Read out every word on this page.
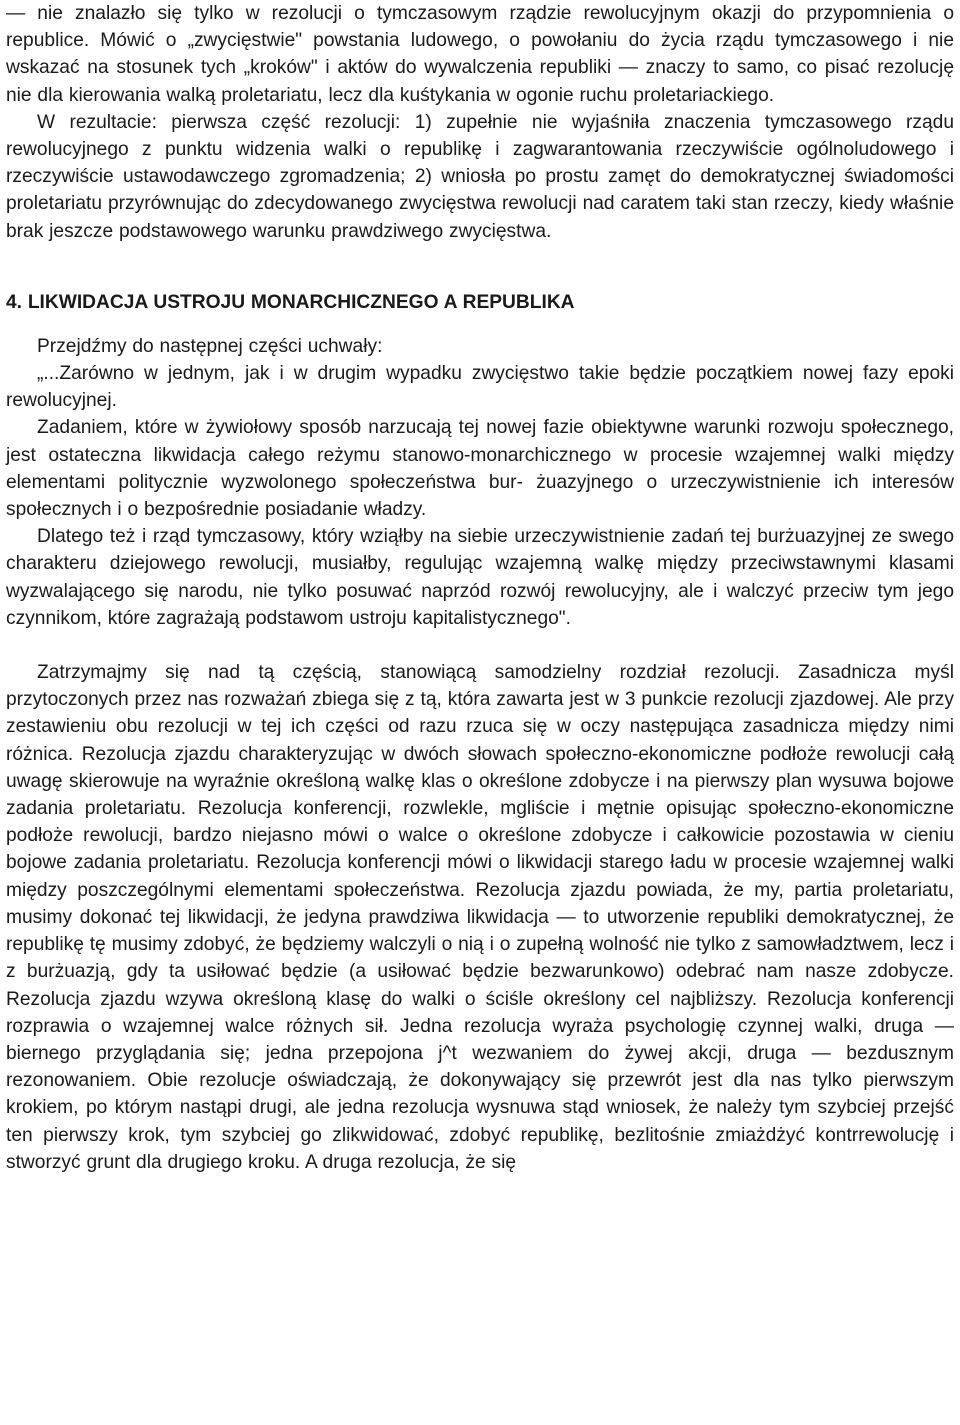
— nie znalazło się tylko w rezolucji o tymczasowym rządzie rewolucyjnym okazji do przypomnienia o republice. Mówić o „zwycięstwie" powstania ludowego, o powołaniu do życia rządu tymczasowego i nie wskazać na stosunek tych „kroków" i aktów do wywalczenia republiki — znaczy to samo, co pisać rezolucję nie dla kierowania walką proletariatu, lecz dla kuśtykania w ogonie ruchu proletariackiego.

W rezultacie: pierwsza część rezolucji: 1) zupełnie nie wyjaśniła znaczenia tymczasowego rządu rewolucyjnego z punktu widzenia walki o republikę i zagwarantowania rzeczywiście ogólnoludowego i rzeczywiście ustawodawczego zgromadzenia; 2) wniosła po prostu zamęt do demokratycznej świadomości proletariatu przyrównując do zdecydowanego zwycięstwa rewolucji nad caratem taki stan rzeczy, kiedy właśnie brak jeszcze podstawowego warunku prawdziwego zwycięstwa.

4. LIKWIDACJA USTROJU MONARCHICZNEGO A REPUBLIKA

Przejdźmy do następnej części uchwały:

„...Zarówno w jednym, jak i w drugim wypadku zwycięstwo takie będzie początkiem nowej fazy epoki rewolucyjnej.

Zadaniem, które w żywiołowy sposób narzucają tej nowej fazie obiektywne warunki rozwoju społecznego, jest ostateczna likwidacja całego reżymu stanowo-monarchicznego w procesie wzajemnej walki między elementami politycznie wyzwolonego społeczeństwa bur- żuazyjnego o urzeczywistnienie ich interesów społecznych i o bezpośrednie posiadanie władzy.

Dlatego też i rząd tymczasowy, który wziąłby na siebie urzeczywistnienie zadań tej burżuazyjnej ze swego charakteru dziejowego rewolucji, musiałby, regulując wzajemną walkę między przeciwstawnymi klasami wyzwalającego się narodu, nie tylko posuwać naprzód rozwój rewolucyjny, ale i walczyć przeciw tym jego czynnikom, które zagrażają podstawom ustroju kapitalistycznego".

Zatrzymajmy się nad tą częścią, stanowiącą samodzielny rozdział rezolucji. Zasadnicza myśl przytoczonych przez nas rozważań zbiega się z tą, która zawarta jest w 3 punkcie rezolucji zjazdowej. Ale przy zestawieniu obu rezolucji w tej ich części od razu rzuca się w oczy następująca zasadnicza między nimi różnica. Rezolucja zjazdu charakteryzując w dwóch słowach społeczno-ekonomiczne podłoże rewolucji całą uwagę skierowuje na wyraźnie określoną walkę klas o określone zdobycze i na pierwszy plan wysuwa bojowe zadania proletariatu. Rezolucja konferencji, rozwlekle, mgliście i mętnie opisując społeczno-ekonomiczne podłoże rewolucji, bardzo niejasno mówi o walce o określone zdobycze i całkowicie pozostawia w cieniu bojowe zadania proletariatu. Rezolucja konferencji mówi o likwidacji starego ładu w procesie wzajemnej walki między poszczególnymi elementami społeczeństwa. Rezolucja zjazdu powiada, że my, partia proletariatu, musimy dokonać tej likwidacji, że jedyna prawdziwa likwidacja — to utworzenie republiki demokratycznej, że republikę tę musimy zdobyć, że będziemy walczyli o nią i o zupełną wolność nie tylko z samowładztwem, lecz i z burżuazją, gdy ta usiłować będzie (a usiłować będzie bezwarunkowo) odebrać nam nasze zdobycze. Rezolucja zjazdu wzywa określoną klasę do walki o ściśle określony cel najbliższy. Rezolucja konferencji rozprawia o wzajemnej walce różnych sił. Jedna rezolucja wyraża psychologię czynnej walki, druga — biernego przyglądania się; jedna przepojona j^t wezwaniem do żywej akcji, druga — bezdusznym rezonowaniem. Obie rezolucje oświadczają, że dokonywający się przewrót jest dla nas tylko pierwszym krokiem, po którym nastąpi drugi, ale jedna rezolucja wysnuwa stąd wniosek, że należy tym szybciej przejść ten pierwszy krok, tym szybciej go zlikwidować, zdobyć republikę, bezlitośnie zmiażdżyć kontrrewolucję i stworzyć grunt dla drugiego kroku. A druga rezolucja, że się
